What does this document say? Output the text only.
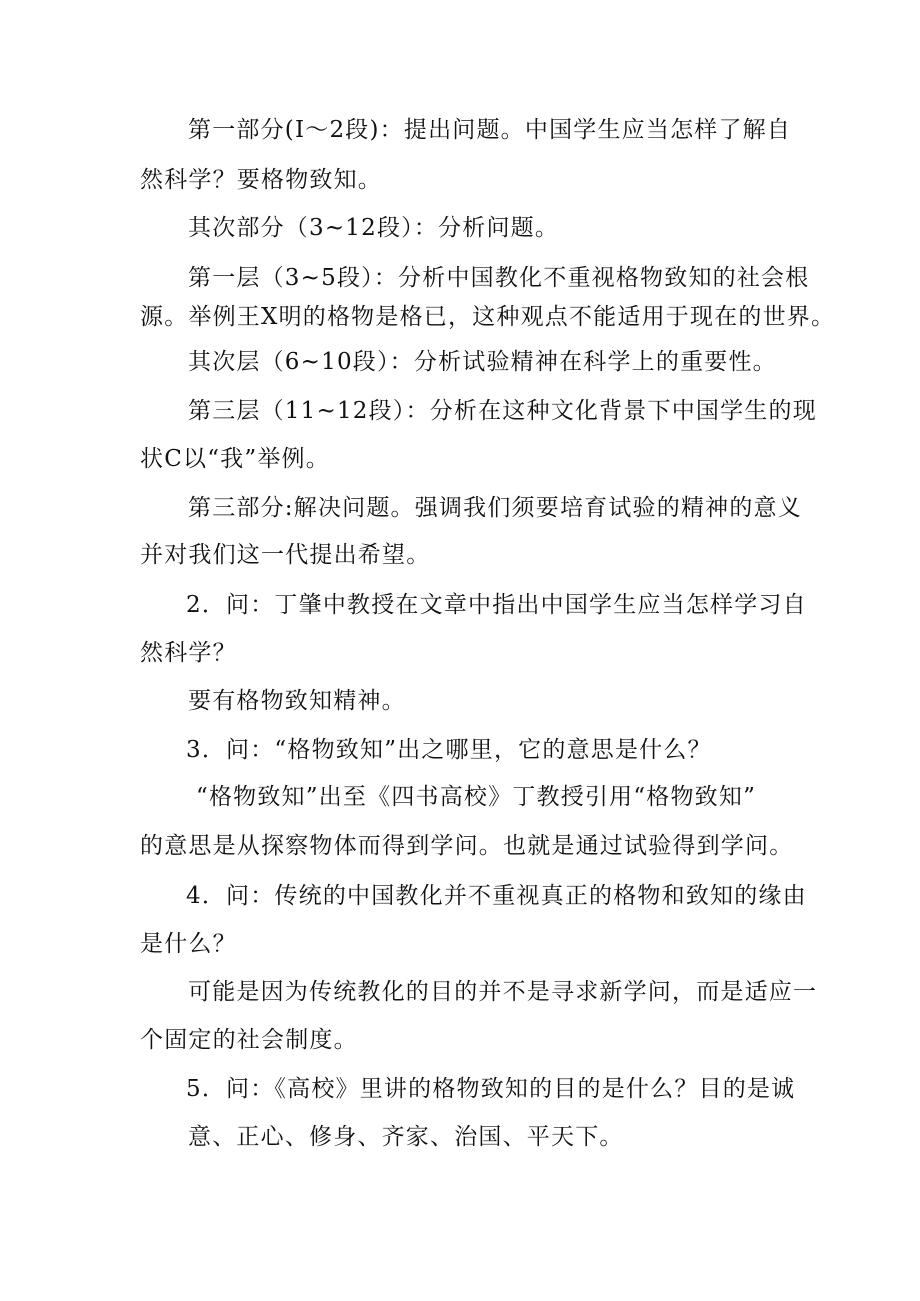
第一部分(I～2段)：提出问题。中国学生应当怎样了解自
然科学？要格物致知。
其次部分（3~12段）：分析问题。
第一层（3~5段）：分析中国教化不重视格物致知的社会根
源。举例王X明的格物是格已，这种观点不能适用于现在的世界。
其次层（6~10段）：分析试验精神在科学上的重要性。
第三层（11~12段）：分析在这种文化背景下中国学生的现
状C以“我”举例。
第三部分:解决问题。强调我们须要培育试验的精神的意义
并对我们这一代提出希望。
2．问：丁肇中教授在文章中指出中国学生应当怎样学习自
然科学？
要有格物致知精神。
3．问：“格物致知”出之哪里，它的意思是什么？
“格物致知”出至《四书高校》丁教授引用“格物致知”
的意思是从探察物体而得到学问。也就是通过试验得到学问。
4．问：传统的中国教化并不重视真正的格物和致知的缘由
是什么？
可能是因为传统教化的目的并不是寻求新学问，而是适应一
个固定的社会制度。
5．问：《高校》里讲的格物致知的目的是什么？目的是诚
意、正心、修身、齐家、治国、平天下。
